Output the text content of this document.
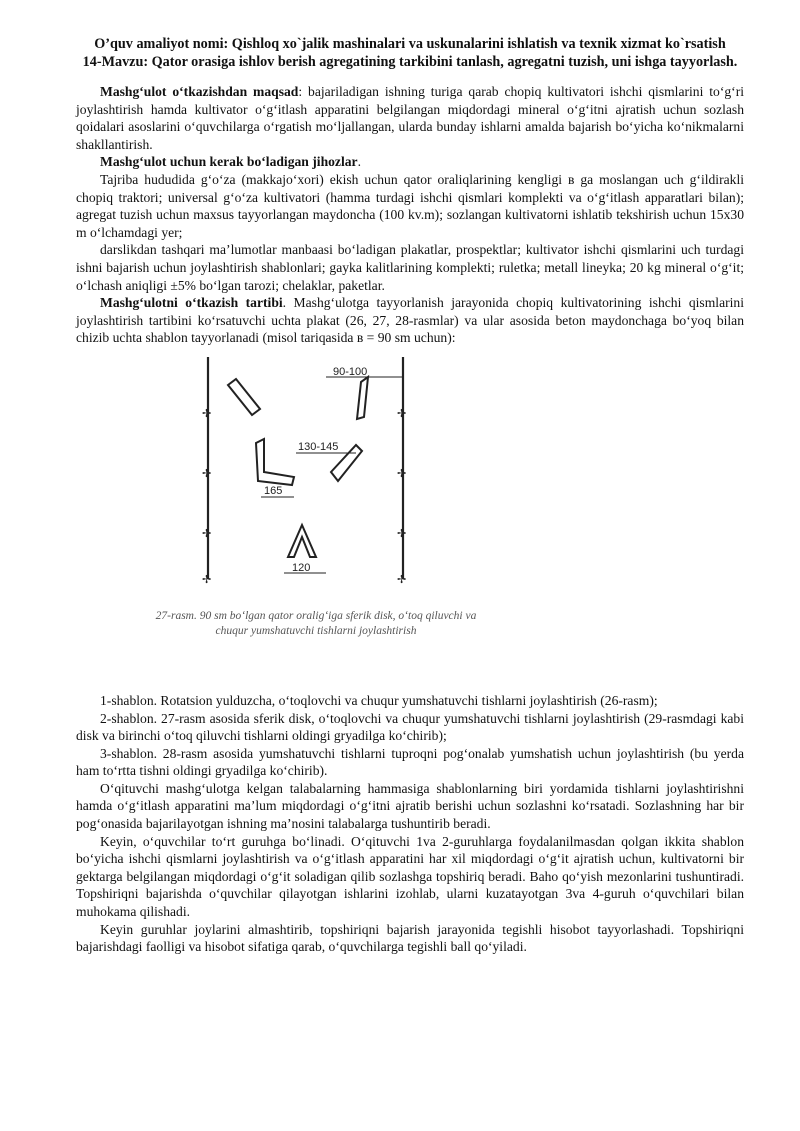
O’quv amaliyot nomi: Qishloq xo`jalik mashinalari va uskunalarini ishlatish va texnik xizmat ko`rsatish

14-Mavzu: Qator orasiga ishlov berish agregatining tarkibini tanlash, agregatni tuzish, uni ishga tayyorlash.

Mashgʻulot oʻtkazishdan maqsad: bajariladigan ishning turiga qarab chopiq kultivatori ishchi qismlarini toʻgʻri joylashtirish hamda kultivator oʻgʻitlash apparatini belgilangan miqdordagi mineral oʻgʻitni ajratish uchun sozlash qoidalari asoslarini oʻquvchilarga oʻrgatish moʻljallangan, ularda bunday ishlarni amalda bajarish boʻyicha koʻnikmalarni shakllantirish.

Mashgʻulot uchun kerak boʻladigan jihozlar.

Tajriba hududida gʻoʻza (makkajoʻxori) ekish uchun qator oraliqlarining kengligi в ga moslangan uch gʻildirakli chopiq traktori; universal gʻoʻza kultivatori (hamma turdagi ishchi qismlari komplekti va oʻgʻitlash apparatlari bilan); agregat tuzish uchun maxsus tayyorlangan maydoncha (100 kv.m); sozlangan kultivatorni ishlatib tekshirish uchun 15x30 m oʻlchamdagi yer;

darslikdan tashqari maʼlumotlar manbaasi boʻladigan plakatlar, prospektlar; kultivator ishchi qismlarini uch turdagi ishni bajarish uchun joylashtirish shablonlari; gayka kalitlarining komplekti; ruletka; metall lineyka; 20 kg mineral oʻgʻit; oʻlchash aniqligi ±5% boʻlgan tarozi; chelaklar, paketlar.

Mashgʻulotni oʻtkazish tartibi. Mashgʻulotga tayyorlanish jarayonida chopiq kultivatorining ishchi qismlarini joylashtirish tartibini koʻrsatuvchi uchta plakat (26, 27, 28-rasmlar) va ular asosida beton maydonchaga boʻyoq bilan chizib uchta shablon tayyorlanadi (misol tariqasida в = 90 sm uchun):

✢
✢
✢
✢
✢
✢
✢
✢
90-100
130-145
165
120
27-rasm. 90 sm boʻlgan qator oraligʻiga sferik disk, oʻtoq qiluvchi va
chuqur yumshatuvchi tishlarni joylashtirish

1-shablon. Rotatsion yulduzcha, oʻtoqlovchi va chuqur yumshatuvchi tishlarni joylashtirish (26-rasm);

2-shablon. 27-rasm asosida sferik disk, oʻtoqlovchi va chuqur yumshatuvchi tishlarni joylashtirish (29-rasmdagi kabi disk va birinchi oʻtoq qiluvchi tishlarni oldingi gryadilga koʻchirib);

3-shablon. 28-rasm asosida yumshatuvchi tishlarni tuproqni pogʻonalab yumshatish uchun joylashtirish (bu yerda ham toʻrtta tishni oldingi gryadilga koʻchirib).

Oʻqituvchi mashgʻulotga kelgan talabalarning hammasiga shablonlarning biri yordamida tishlarni joylashtirishni hamda oʻgʻitlash apparatini maʼlum miqdordagi oʻgʻitni ajratib berishi uchun sozlashni koʻrsatadi. Sozlashning har bir pogʻonasida bajarilayotgan ishning maʼnosini talabalarga tushuntirib beradi.

Keyin, oʻquvchilar toʻrt guruhga boʻlinadi. Oʻqituvchi 1va 2-guruhlarga foydalanilmasdan qolgan ikkita shablon boʻyicha ishchi qismlarni joylashtirish va oʻgʻitlash apparatini har xil miqdordagi oʻgʻit ajratish uchun, kultivatorni bir gektarga belgilangan miqdordagi oʻgʻit soladigan qilib sozlashga topshiriq beradi. Baho qoʻyish mezonlarini tushuntiradi. Topshiriqni bajarishda oʻquvchilar qilayotgan ishlarini izohlab, ularni kuzatayotgan 3va 4-guruh oʻquvchilari bilan muhokama qilishadi.

Keyin guruhlar joylarini almashtirib, topshiriqni bajarish jarayonida tegishli hisobot tayyorlashadi. Topshiriqni bajarishdagi faolligi va hisobot sifatiga qarab, oʻquvchilarga tegishli ball qoʻyiladi.
